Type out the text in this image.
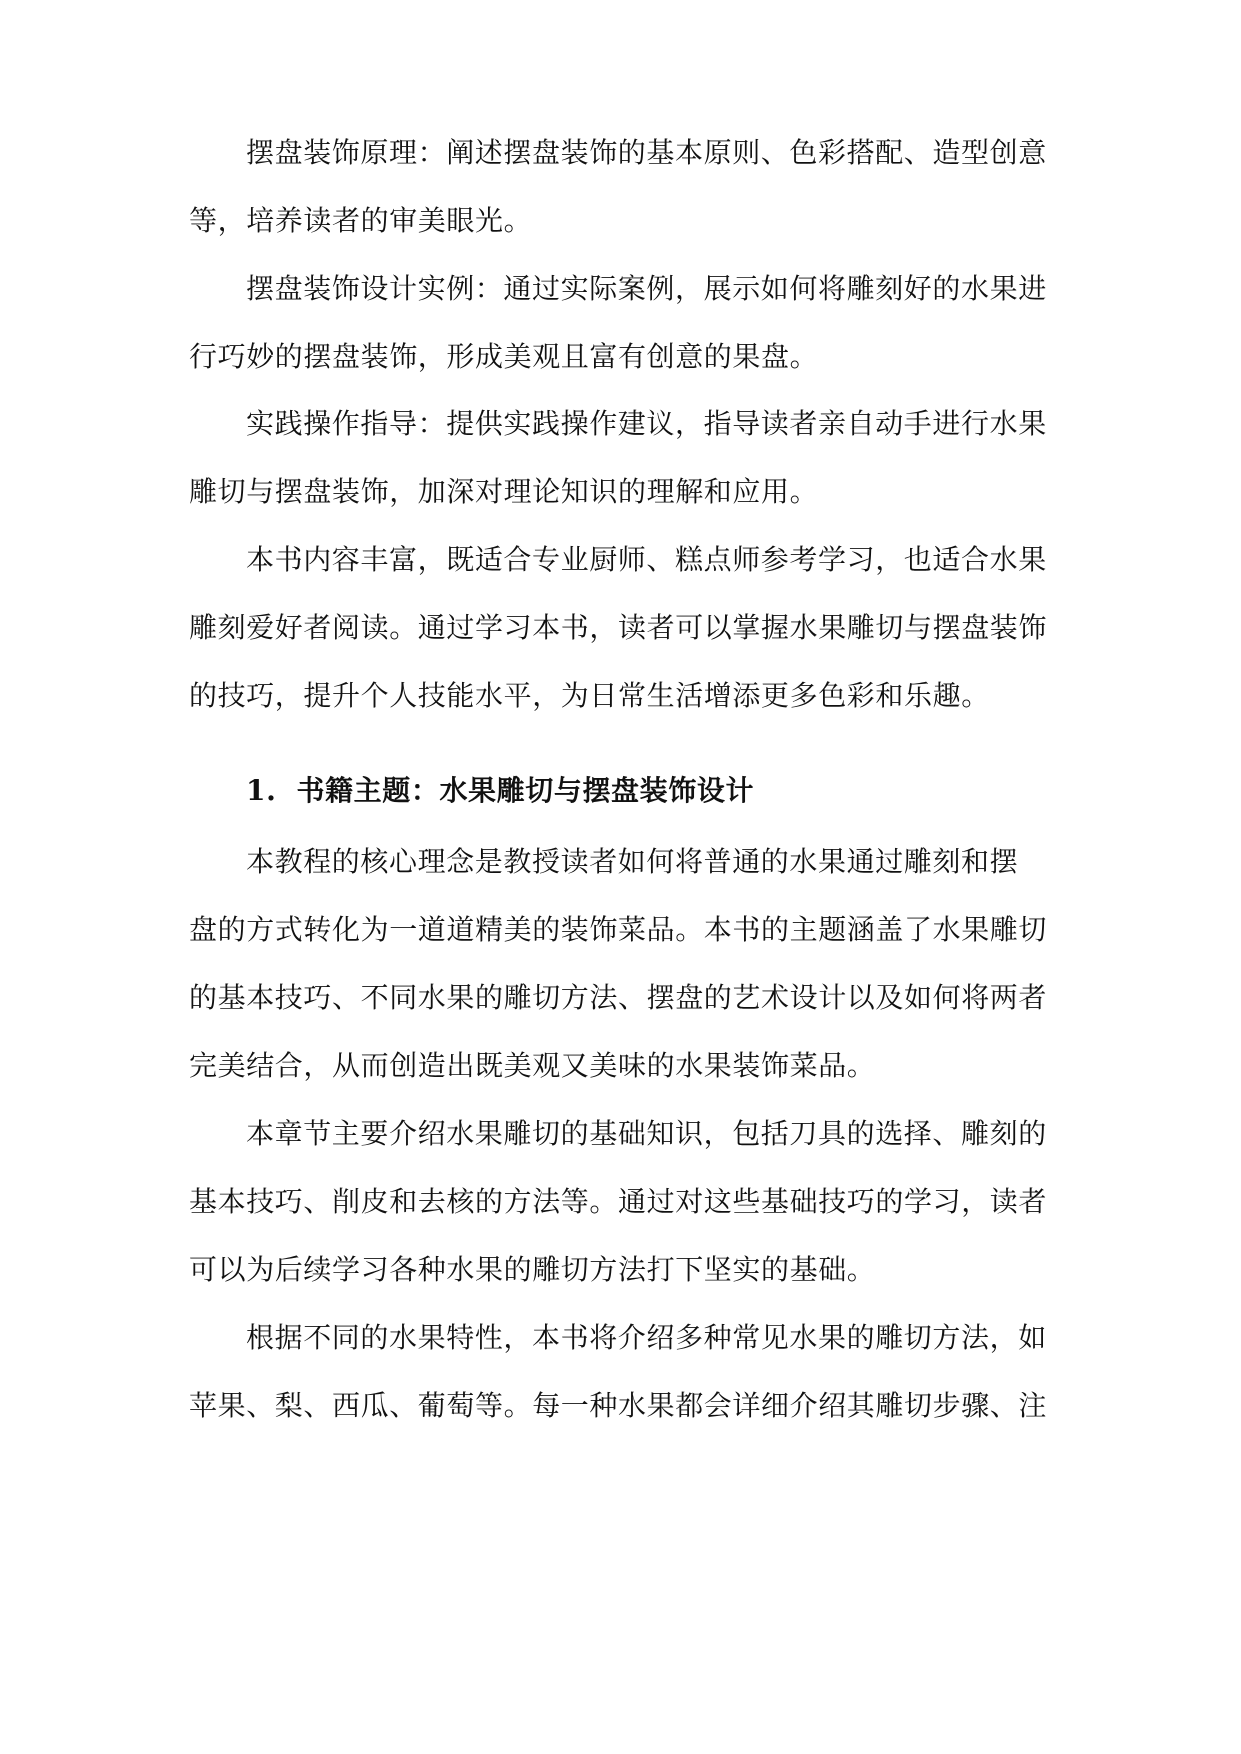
摆盘装饰原理：阐述摆盘装饰的基本原则、色彩搭配、造型创意
等，培养读者的审美眼光。
摆盘装饰设计实例：通过实际案例，展示如何将雕刻好的水果进
行巧妙的摆盘装饰，形成美观且富有创意的果盘。
实践操作指导：提供实践操作建议，指导读者亲自动手进行水果
雕切与摆盘装饰，加深对理论知识的理解和应用。
本书内容丰富，既适合专业厨师、糕点师参考学习，也适合水果
雕刻爱好者阅读。通过学习本书，读者可以掌握水果雕切与摆盘装饰
的技巧，提升个人技能水平，为日常生活增添更多色彩和乐趣。
1. 书籍主题：水果雕切与摆盘装饰设计
本教程的核心理念是教授读者如何将普通的水果通过雕刻和摆
盘的方式转化为一道道精美的装饰菜品。本书的主题涵盖了水果雕切
的基本技巧、不同水果的雕切方法、摆盘的艺术设计以及如何将两者
完美结合，从而创造出既美观又美味的水果装饰菜品。
本章节主要介绍水果雕切的基础知识，包括刀具的选择、雕刻的
基本技巧、削皮和去核的方法等。通过对这些基础技巧的学习，读者
可以为后续学习各种水果的雕切方法打下坚实的基础。
根据不同的水果特性，本书将介绍多种常见水果的雕切方法，如
苹果、梨、西瓜、葡萄等。每一种水果都会详细介绍其雕切步骤、注
